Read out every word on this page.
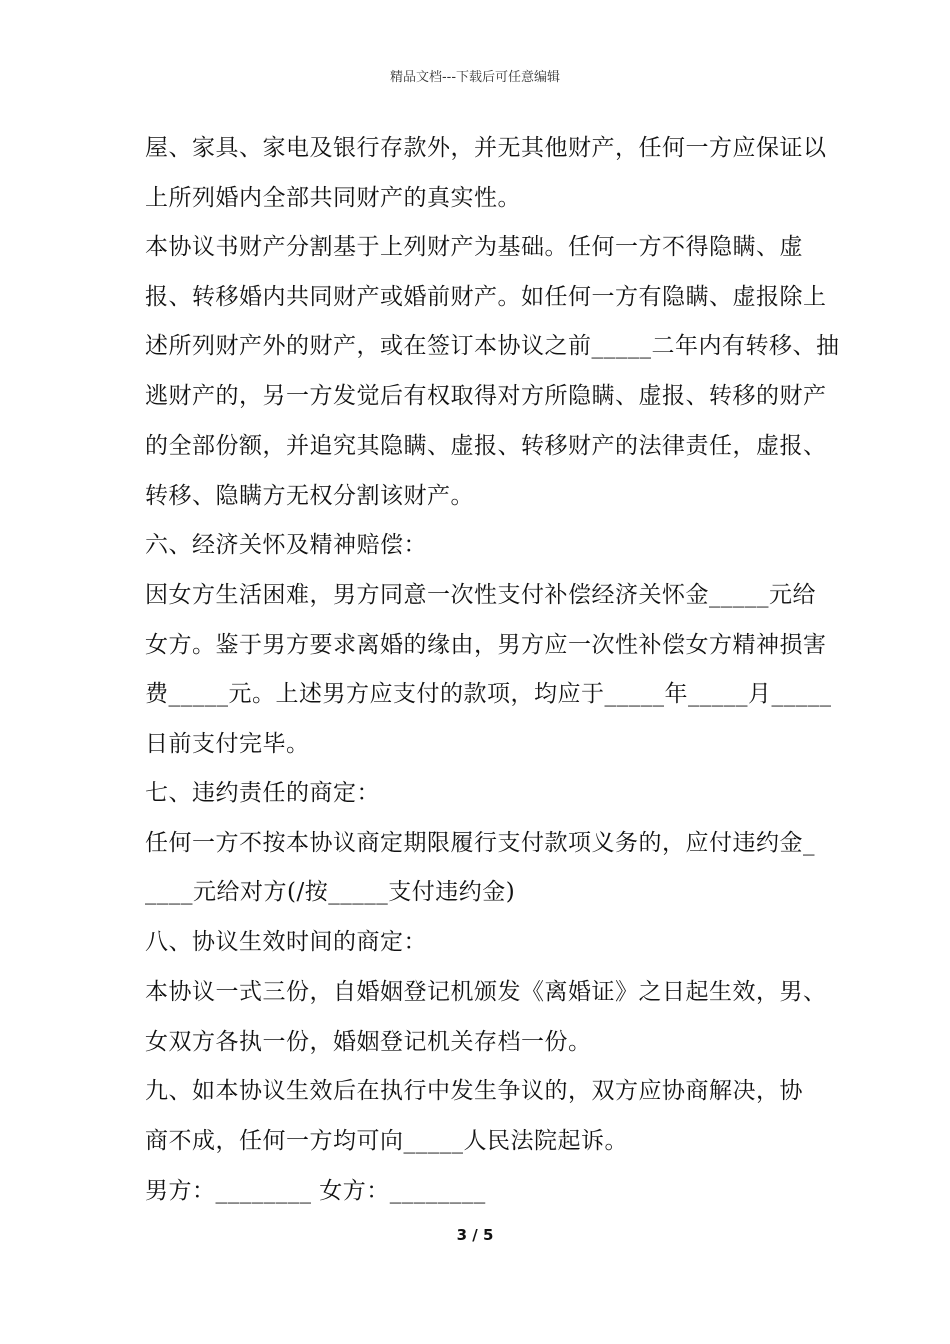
精品文档---下载后可任意编辑
屋、家具、家电及银行存款外，并无其他财产，任何一方应保证以
上所列婚内全部共同财产的真实性。
本协议书财产分割基于上列财产为基础。任何一方不得隐瞒、虚
报、转移婚内共同财产或婚前财产。如任何一方有隐瞒、虚报除上
述所列财产外的财产，或在签订本协议之前_____二年内有转移、抽
逃财产的，另一方发觉后有权取得对方所隐瞒、虚报、转移的财产
的全部份额，并追究其隐瞒、虚报、转移财产的法律责任，虚报、
转移、隐瞒方无权分割该财产。
六、经济关怀及精神赔偿：
因女方生活困难，男方同意一次性支付补偿经济关怀金_____元给
女方。鉴于男方要求离婚的缘由，男方应一次性补偿女方精神损害
费_____元。上述男方应支付的款项，均应于_____年_____月_____
日前支付完毕。
七、违约责任的商定：
任何一方不按本协议商定期限履行支付款项义务的，应付违约金_
____元给对方(/按_____支付违约金)
八、协议生效时间的商定：
本协议一式三份，自婚姻登记机颁发《离婚证》之日起生效，男、
女双方各执一份，婚姻登记机关存档一份。
九、如本协议生效后在执行中发生争议的，双方应协商解决，协
商不成，任何一方均可向_____人民法院起诉。
男方：________ 女方：________
3 / 5
